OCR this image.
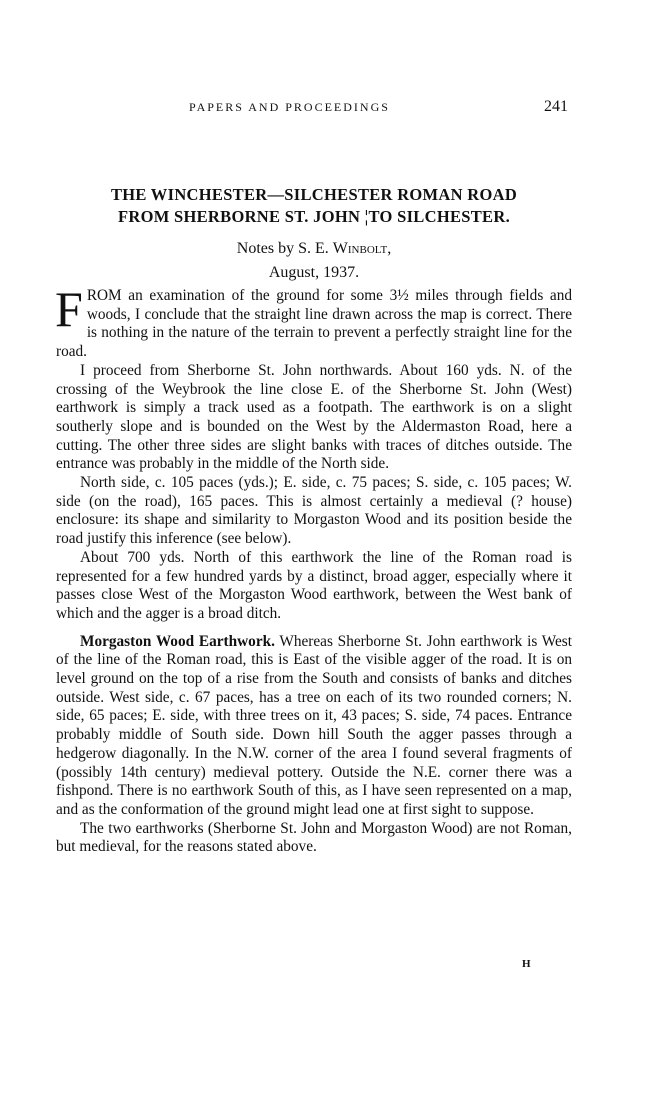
PAPERS AND PROCEEDINGS	241
THE WINCHESTER—SILCHESTER ROMAN ROAD
FROM SHERBORNE ST. JOHN ¦TO SILCHESTER.
Notes by S. E. Winbolt,
August, 1937.

FROM an examination of the ground for some 3½ miles through fields and woods, I conclude that the straight line drawn across the map is correct. There is nothing in the nature of the terrain to prevent a perfectly straight line for the road.

I proceed from Sherborne St. John northwards. About 160 yds. N. of the crossing of the Weybrook the line close E. of the Sherborne St. John (West) earthwork is simply a track used as a footpath. The earthwork is on a slight southerly slope and is bounded on the West by the Aldermaston Road, here a cutting. The other three sides are slight banks with traces of ditches outside. The entrance was probably in the middle of the North side.

North side, c. 105 paces (yds.); E. side, c. 75 paces; S. side, c. 105 paces; W. side (on the road), 165 paces. This is almost certainly a medieval (? house) enclosure: its shape and similarity to Morgaston Wood and its position beside the road justify this inference (see below).

About 700 yds. North of this earthwork the line of the Roman road is represented for a few hundred yards by a distinct, broad agger, especially where it passes close West of the Morgaston Wood earthwork, between the West bank of which and the agger is a broad ditch.

Morgaston Wood Earthwork. Whereas Sherborne St. John earthwork is West of the line of the Roman road, this is East of the visible agger of the road. It is on level ground on the top of a rise from the South and consists of banks and ditches outside. West side, c. 67 paces, has a tree on each of its two rounded corners; N. side, 65 paces; E. side, with three trees on it, 43 paces; S. side, 74 paces. Entrance probably middle of South side. Down hill South the agger passes through a hedgerow diagonally. In the N.W. corner of the area I found several fragments of (possibly 14th century) medieval pottery. Outside the N.E. corner there was a fishpond. There is no earthwork South of this, as I have seen represented on a map, and as the conformation of the ground might lead one at first sight to suppose.

The two earthworks (Sherborne St. John and Morgaston Wood) are not Roman, but medieval, for the reasons stated above.

H
